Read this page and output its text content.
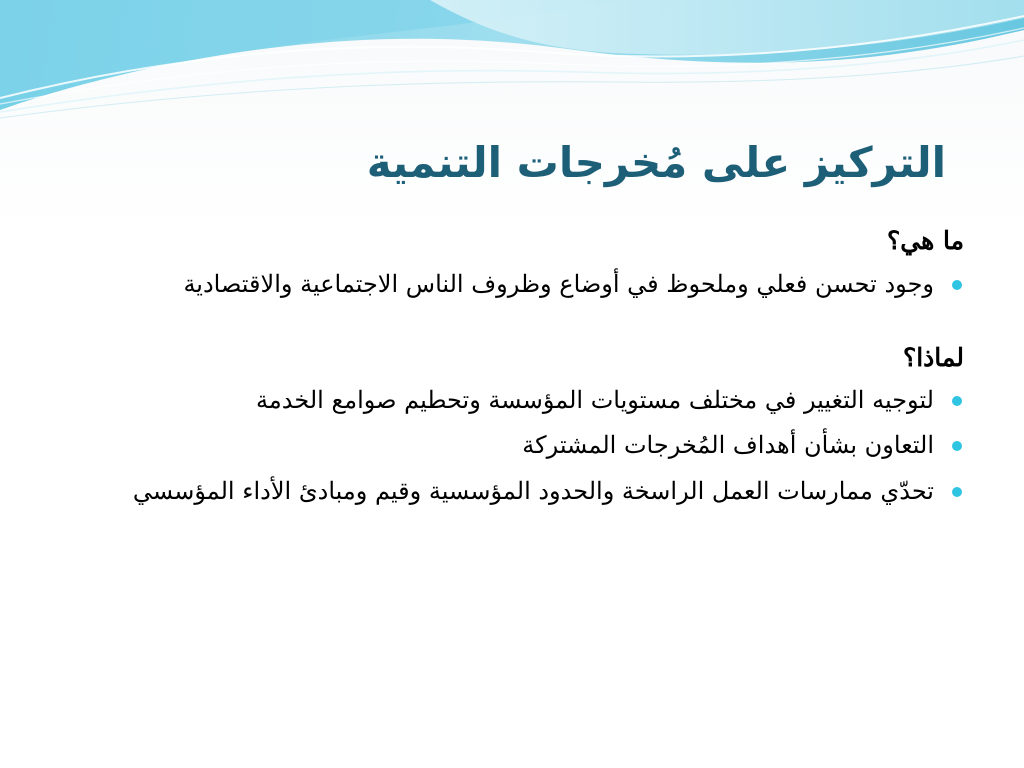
التركيز على مُخرجات التنمية
ما هي؟
وجود تحسن فعلي وملحوظ في أوضاع وظروف الناس الاجتماعية والاقتصادية
لماذا؟
لتوجيه التغيير في مختلف مستويات المؤسسة وتحطيم صوامع الخدمة
التعاون بشأن أهداف المُخرجات المشتركة
تحدّي ممارسات العمل الراسخة والحدود المؤسسية وقيم ومبادئ الأداء المؤسسي
